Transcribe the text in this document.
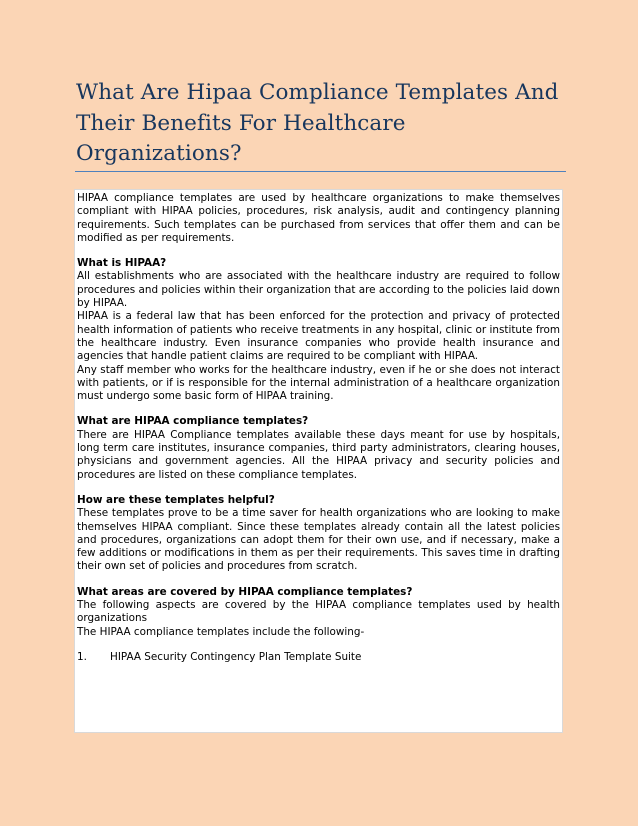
What Are Hipaa Compliance Templates And Their Benefits For Healthcare Organizations?

HIPAA compliance templates are used by healthcare organizations to make themselves compliant with HIPAA policies, procedures, risk analysis, audit and contingency planning requirements. Such templates can be purchased from services that offer them and can be modified as per requirements.

What is HIPAA?

All establishments who are associated with the healthcare industry are required to follow procedures and policies within their organization that are according to the policies laid down by HIPAA.

HIPAA is a federal law that has been enforced for the protection and privacy of protected health information of patients who receive treatments in any hospital, clinic or institute from the healthcare industry. Even insurance companies who provide health insurance and agencies that handle patient claims are required to be compliant with HIPAA.

Any staff member who works for the healthcare industry, even if he or she does not interact with patients, or if is responsible for the internal administration of a healthcare organization must undergo some basic form of HIPAA training.

What are HIPAA compliance templates?

There are HIPAA Compliance templates available these days meant for use by hospitals, long term care institutes, insurance companies, third party administrators, clearing houses, physicians and government agencies. All the HIPAA privacy and security policies and procedures are listed on these compliance templates.

How are these templates helpful?

These templates prove to be a time saver for health organizations who are looking to make themselves HIPAA compliant. Since these templates already contain all the latest policies and procedures, organizations can adopt them for their own use, and if necessary, make a few additions or modifications in them as per their requirements. This saves time in drafting their own set of policies and procedures from scratch.

What areas are covered by HIPAA compliance templates?

The following aspects are covered by the HIPAA compliance templates used by health organizations

The HIPAA compliance templates include the following-

1.	HIPAA Security Contingency Plan Template Suite
